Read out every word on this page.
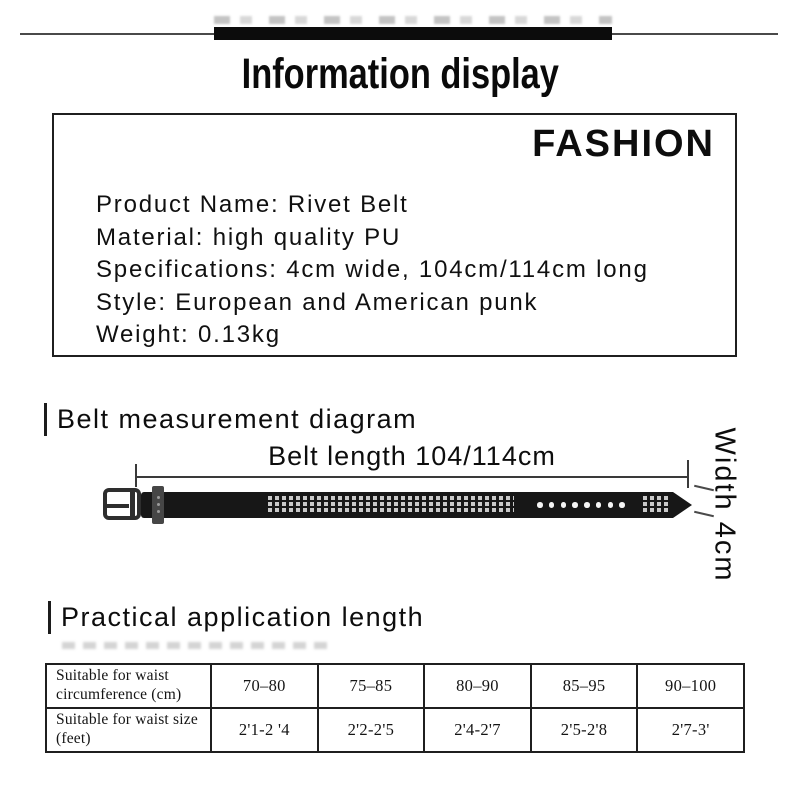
Information display
FASHION
Product Name: Rivet Belt
Material: high quality PU
Specifications: 4cm wide, 104cm/114cm long
Style: European and American punk
Weight: 0.13kg
Belt measurement diagram
Belt length 104/114cm	Width 4cm
Practical application length
Suitable for waist circumference (cm)	70–80	75–85	80–90	85–95	90–100
Suitable for waist size (feet)	2'1-2 '4	2'2-2'5	2'4-2'7	2'5-2'8	2'7-3'
